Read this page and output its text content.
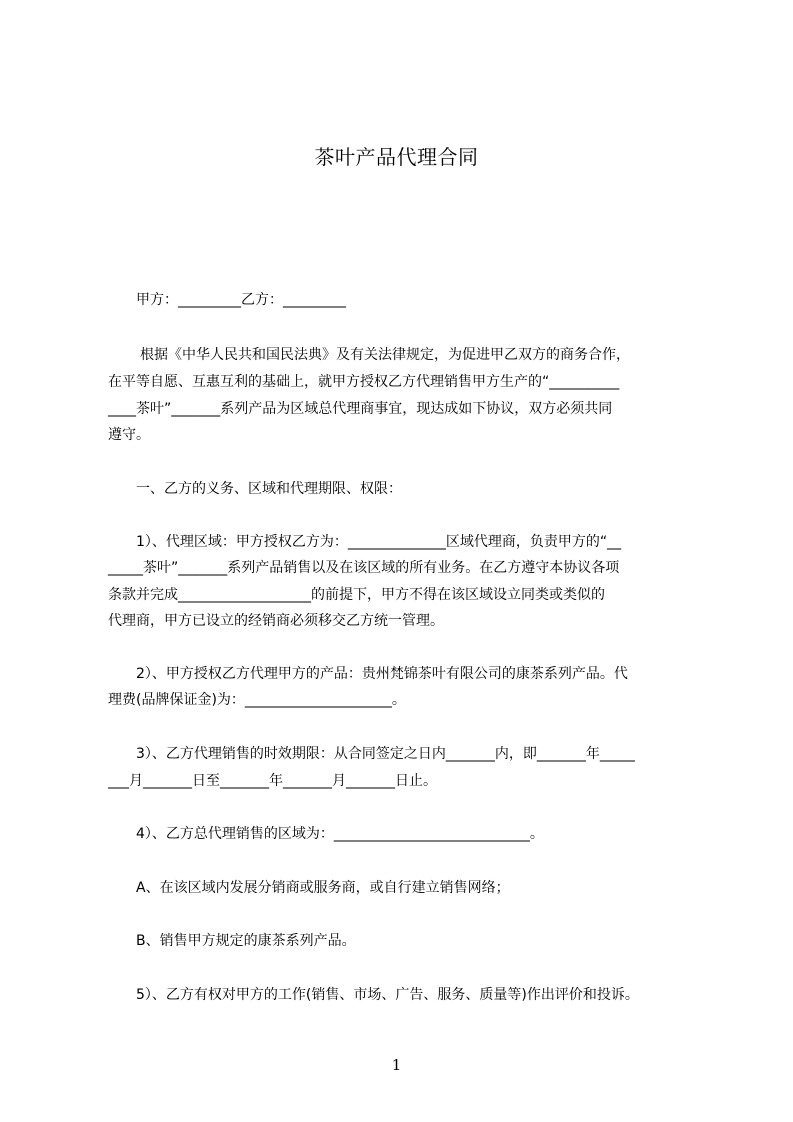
茶叶产品代理合同
甲方：_________乙方：_________
根据《中华人民共和国民法典》及有关法律规定，为促进甲乙双方的商务合作，
在平等自愿、互惠互利的基础上，就甲方授权乙方代理销售甲方生产的“__________
____茶叶”_______系列产品为区域总代理商事宜，现达成如下协议，双方必须共同
遵守。
一、乙方的义务、区域和代理期限、权限：
1）、代理区域：甲方授权乙方为：______________区域代理商，负责甲方的“__
_____茶叶”_______系列产品销售以及在该区域的所有业务。在乙方遵守本协议各项
条款并完成___________________的前提下，甲方不得在该区域设立同类或类似的
代理商，甲方已设立的经销商必须移交乙方统一管理。
2）、甲方授权乙方代理甲方的产品：贵州梵锦茶叶有限公司的康茶系列产品。代
理费(品牌保证金)为：_____________________。
3）、乙方代理销售的时效期限：从合同签定之日内_______内，即_______年_____
___月_______日至_______年_______月_______日止。
4）、乙方总代理销售的区域为：____________________________。
A、在该区域内发展分销商或服务商，或自行建立销售网络；
B、销售甲方规定的康茶系列产品。
5）、乙方有权对甲方的工作(销售、市场、广告、服务、质量等)作出评价和投诉。
1
